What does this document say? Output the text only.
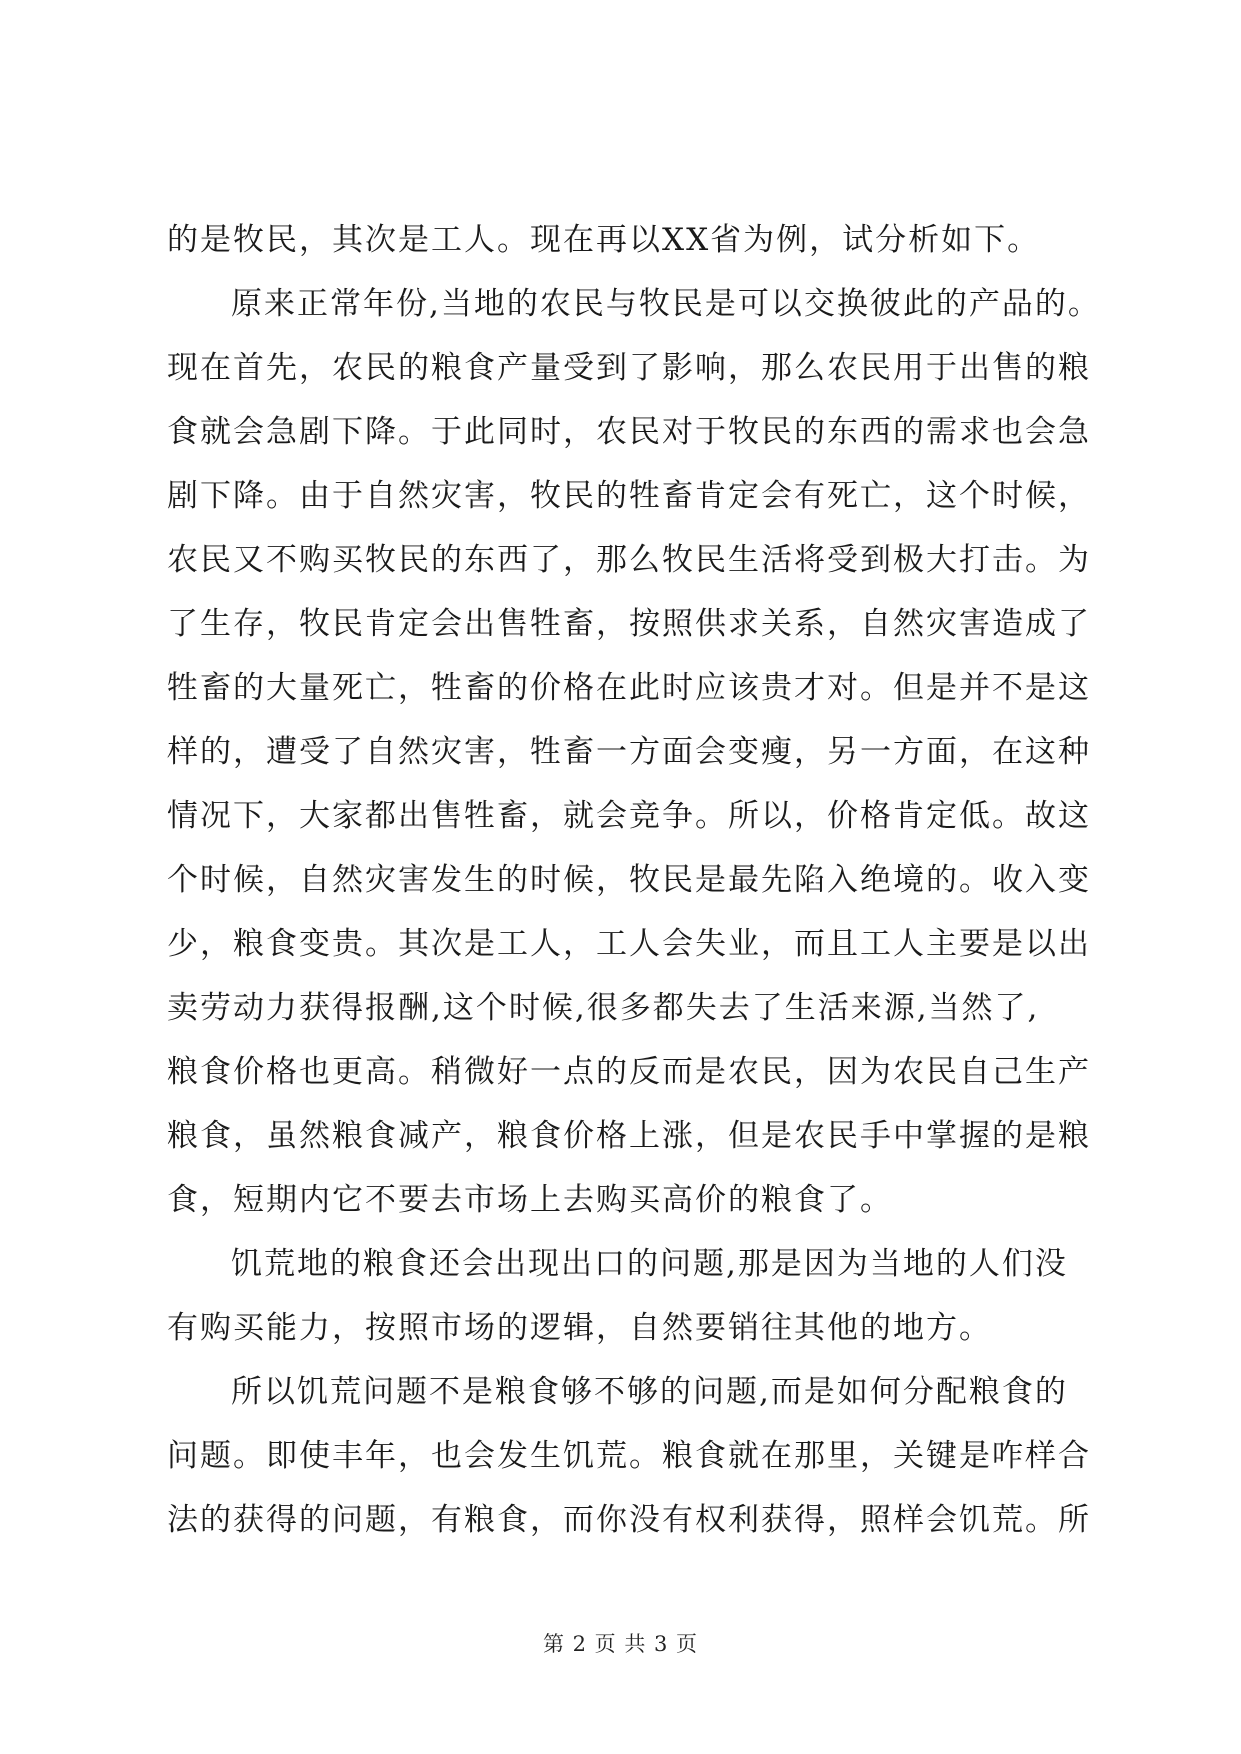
的是牧民，其次是工人。现在再以XX省为例，试分析如下。
原来正常年份,当地的农民与牧民是可以交换彼此的产品的。
现在首先，农民的粮食产量受到了影响，那么农民用于出售的粮
食就会急剧下降。于此同时，农民对于牧民的东西的需求也会急
剧下降。由于自然灾害，牧民的牲畜肯定会有死亡，这个时候，
农民又不购买牧民的东西了，那么牧民生活将受到极大打击。为
了生存，牧民肯定会出售牲畜，按照供求关系，自然灾害造成了
牲畜的大量死亡，牲畜的价格在此时应该贵才对。但是并不是这
样的，遭受了自然灾害，牲畜一方面会变瘦，另一方面，在这种
情况下，大家都出售牲畜，就会竞争。所以，价格肯定低。故这
个时候，自然灾害发生的时候，牧民是最先陷入绝境的。收入变
少，粮食变贵。其次是工人，工人会失业，而且工人主要是以出
卖劳动力获得报酬,这个时候,很多都失去了生活来源,当然了,
粮食价格也更高。稍微好一点的反而是农民，因为农民自己生产
粮食，虽然粮食减产，粮食价格上涨，但是农民手中掌握的是粮
食，短期内它不要去市场上去购买高价的粮食了。
饥荒地的粮食还会出现出口的问题,那是因为当地的人们没
有购买能力，按照市场的逻辑，自然要销往其他的地方。
所以饥荒问题不是粮食够不够的问题,而是如何分配粮食的
问题。即使丰年，也会发生饥荒。粮食就在那里，关键是咋样合
法的获得的问题，有粮食，而你没有权利获得，照样会饥荒。所
第 2 页 共 3 页
